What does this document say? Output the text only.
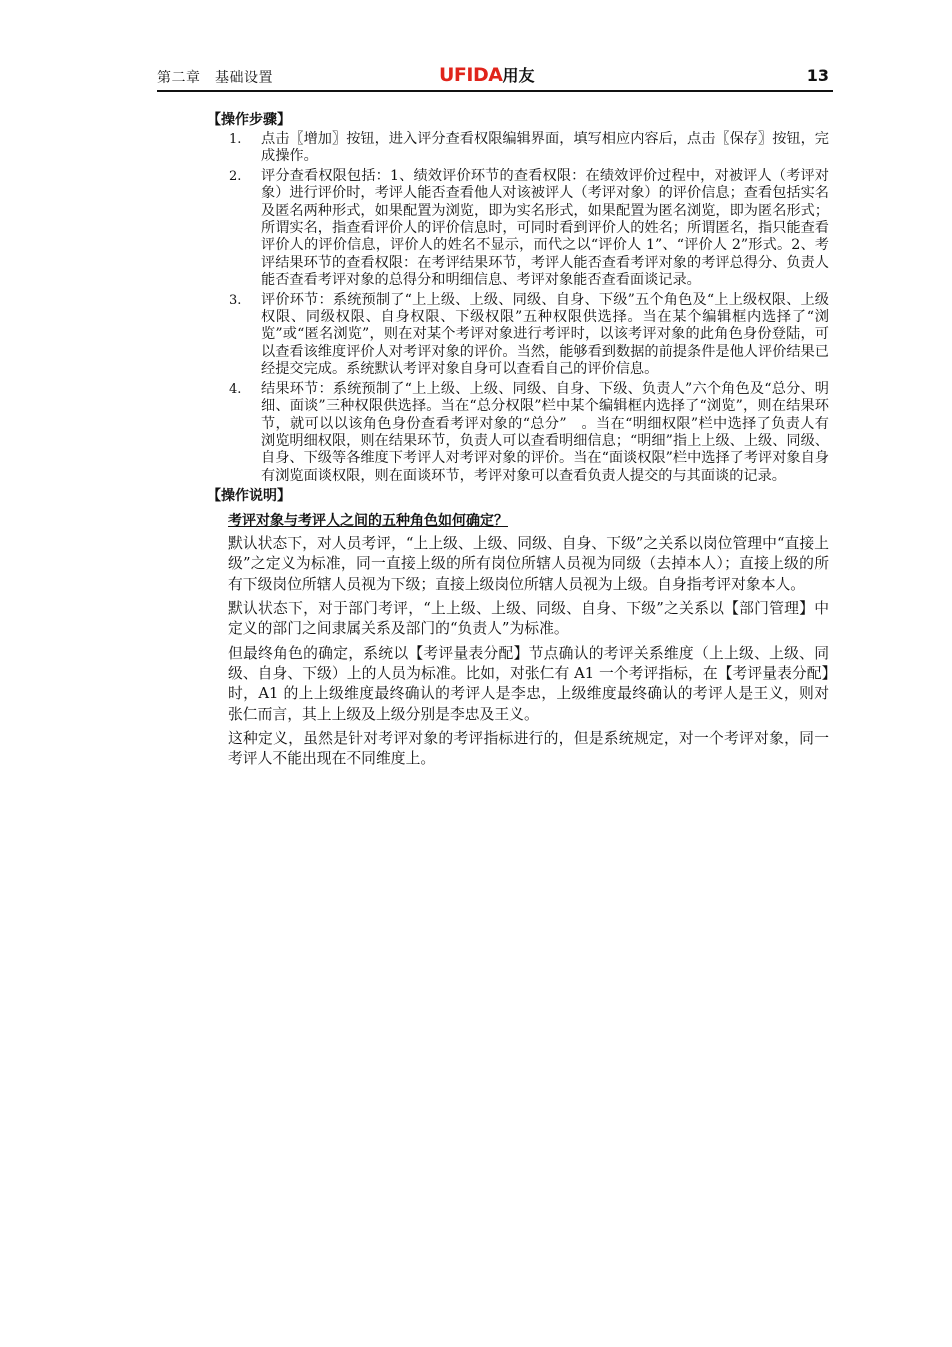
第二章　基础设置	UFIDA用友	13
【操作步骤】
1. 点击〖增加〗按钮，进入评分查看权限编辑界面，填写相应内容后，点击〖保存〗按钮，完成操作。
2. 评分查看权限包括：1、绩效评价环节的查看权限：在绩效评价过程中，对被评人（考评对象）进行评价时，考评人能否查看他人对该被评人（考评对象）的评价信息；查看包括实名及匿名两种形式，如果配置为浏览，即为实名形式，如果配置为匿名浏览，即为匿名形式；所谓实名，指查看评价人的评价信息时，可同时看到评价人的姓名；所谓匿名，指只能查看评价人的评价信息，评价人的姓名不显示，而代之以“评价人 1”、“评价人 2”形式。2、考评结果环节的查看权限：在考评结果环节，考评人能否查看考评对象的考评总得分、负责人能否查看考评对象的总得分和明细信息、考评对象能否查看面谈记录。
3. 评价环节：系统预制了“上上级、上级、同级、自身、下级”五个角色及“上上级权限、上级权限、同级权限、自身权限、下级权限”五种权限供选择。当在某个编辑框内选择了“浏览”或“匿名浏览”，则在对某个考评对象进行考评时，以该考评对象的此角色身份登陆，可以查看该维度评价人对考评对象的评价。当然，能够看到数据的前提条件是他人评价结果已经提交完成。系统默认考评对象自身可以查看自己的评价信息。
4. 结果环节：系统预制了“上上级、上级、同级、自身、下级、负责人”六个角色及“总分、明细、面谈”三种权限供选择。当在“总分权限”栏中某个编辑框内选择了“浏览”，则在结果环节，就可以以该角色身份查看考评对象的“总分”　。当在“明细权限”栏中选择了负责人有浏览明细权限，则在结果环节，负责人可以查看明细信息；“明细”指上上级、上级、同级、自身、下级等各维度下考评人对考评对象的评价。当在“面谈权限”栏中选择了考评对象自身有浏览面谈权限，则在面谈环节，考评对象可以查看负责人提交的与其面谈的记录。
【操作说明】
考评对象与考评人之间的五种角色如何确定？

默认状态下，对人员考评，“上上级、上级、同级、自身、下级”之关系以岗位管理中“直接上级”之定义为标准，同一直接上级的所有岗位所辖人员视为同级（去掉本人）；直接上级的所有下级岗位所辖人员视为下级；直接上级岗位所辖人员视为上级。自身指考评对象本人。

默认状态下，对于部门考评，“上上级、上级、同级、自身、下级”之关系以【部门管理】中定义的部门之间隶属关系及部门的“负责人”为标准。

但最终角色的确定，系统以【考评量表分配】节点确认的考评关系维度（上上级、上级、同级、自身、下级）上的人员为标准。比如，对张仁有 A1 一个考评指标，在【考评量表分配】时，A1 的上上级维度最终确认的考评人是李忠，上级维度最终确认的考评人是王义，则对张仁而言，其上上级及上级分别是李忠及王义。

这种定义，虽然是针对考评对象的考评指标进行的，但是系统规定，对一个考评对象，同一考评人不能出现在不同维度上。
